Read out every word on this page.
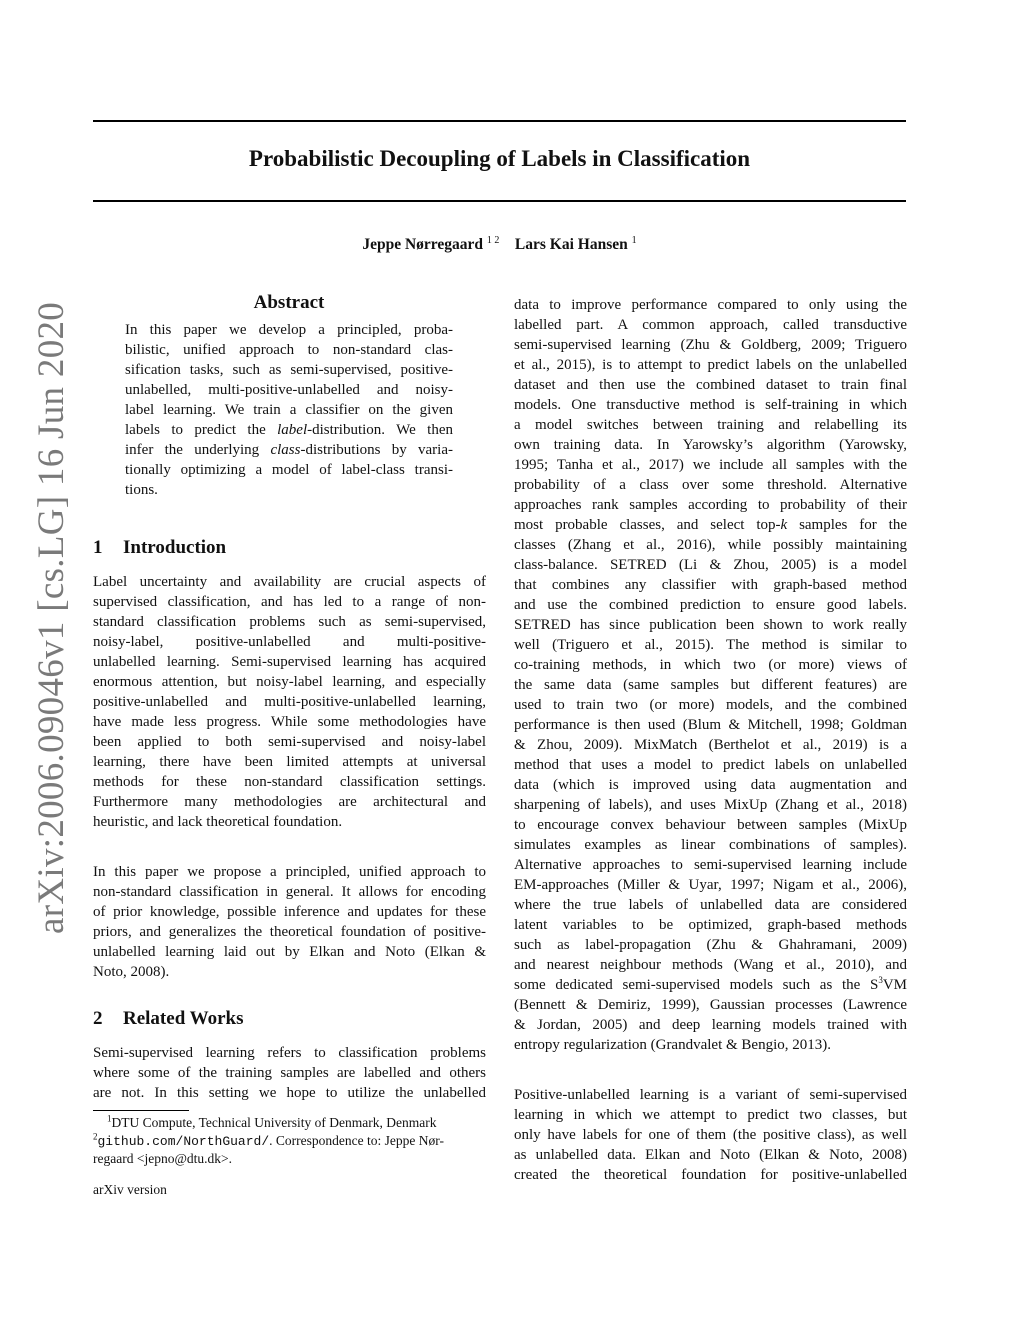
Probabilistic Decoupling of Labels in Classification
Jeppe Nørregaard $^{1 2}$ Lars Kai Hansen $^1$
arXiv:2006.09046v1 [cs.LG] 16 Jun 2020	Abstract
In this paper we develop a principled, proba-
bilistic, unified approach to non-standard clas-
sification tasks, such as semi-supervised, positive-
unlabelled, multi-positive-unlabelled and noisy-
label learning. We train a classifier on the given
labels to predict the label-distribution. We then
infer the underlying class-distributions by varia-
tionally optimizing a model of label-class transi-
tions.
1 Introduction
Label uncertainty and availability are crucial aspects of
supervised classification, and has led to a range of non-
standard classification problems such as semi-supervised,
noisy-label, positive-unlabelled and multi-positive-
unlabelled learning. Semi-supervised learning has acquired
enormous attention, but noisy-label learning, and especially
positive-unlabelled and multi-positive-unlabelled learning,
have made less progress. While some methodologies have
been applied to both semi-supervised and noisy-label
learning, there have been limited attempts at universal
methods for these non-standard classification settings.
Furthermore many methodologies are architectural and
heuristic, and lack theoretical foundation.
In this paper we propose a principled, unified approach to
non-standard classification in general. It allows for encoding
of prior knowledge, possible inference and updates for these
priors, and generalizes the theoretical foundation of positive-
unlabelled learning laid out by Elkan and Noto (Elkan &
Noto, 2008).
2 Related Works
Semi-supervised learning refers to classification problems
where some of the training samples are labelled and others
are not. In this setting we hope to utilize the unlabelled
$^1$DTU Compute, Technical University of Denmark, Denmark
$^2$github.com/NorthGuard/. Correspondence to: Jeppe Nør-
regaard <jepno@dtu.dk>.
arXiv version
data to improve performance compared to only using the
labelled part. A common approach, called transductive
semi-supervised learning (Zhu & Goldberg, 2009; Triguero
et al., 2015), is to attempt to predict labels on the unlabelled
dataset and then use the combined dataset to train final
models. One transductive method is self-training in which
a model switches between training and relabelling its
own training data. In Yarowsky’s algorithm (Yarowsky,
1995; Tanha et al., 2017) we include all samples with the
probability of a class over some threshold. Alternative
approaches rank samples according to probability of their
most probable classes, and select top-k samples for the
classes (Zhang et al., 2016), while possibly maintaining
class-balance. SETRED (Li & Zhou, 2005) is a model
that combines any classifier with graph-based method
and use the combined prediction to ensure good labels.
SETRED has since publication been shown to work really
well (Triguero et al., 2015). The method is similar to
co-training methods, in which two (or more) views of
the same data (same samples but different features) are
used to train two (or more) models, and the combined
performance is then used (Blum & Mitchell, 1998; Goldman
& Zhou, 2009). MixMatch (Berthelot et al., 2019) is a
method that uses a model to predict labels on unlabelled
data (which is improved using data augmentation and
sharpening of labels), and uses MixUp (Zhang et al., 2018)
to encourage convex behaviour between samples (MixUp
simulates examples as linear combinations of samples).
Alternative approaches to semi-supervised learning include
EM-approaches (Miller & Uyar, 1997; Nigam et al., 2006),
where the true labels of unlabelled data are considered
latent variables to be optimized, graph-based methods
such as label-propagation (Zhu & Ghahramani, 2009)
and nearest neighbour methods (Wang et al., 2010), and
some dedicated semi-supervised models such as the $S^3VM$
(Bennett & Demiriz, 1999), Gaussian processes (Lawrence
& Jordan, 2005) and deep learning models trained with
entropy regularization (Grandvalet & Bengio, 2013).
Positive-unlabelled learning is a variant of semi-supervised
learning in which we attempt to predict two classes, but
only have labels for one of them (the positive class), as well
as unlabelled data. Elkan and Noto (Elkan & Noto, 2008)
created the theoretical foundation for positive-unlabelled
